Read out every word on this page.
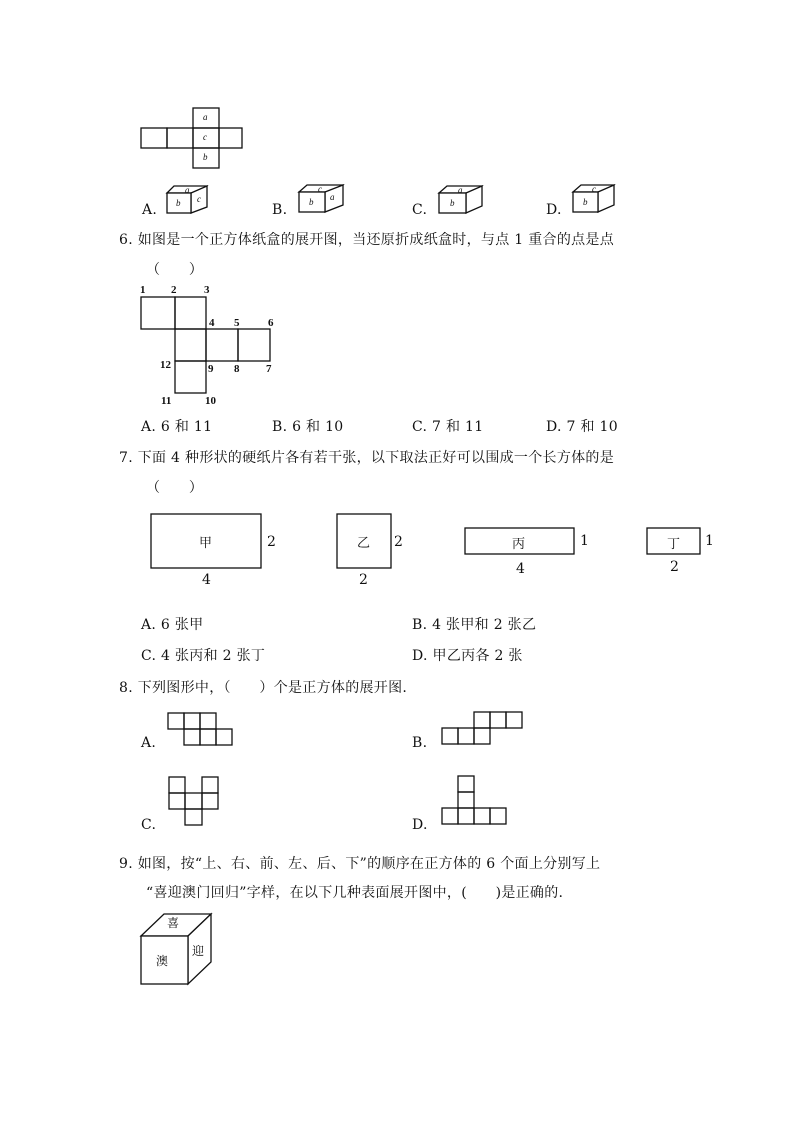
a
c
b
A. b
a
c
B. b
c
a
C.	b
a
D. b
c
6. 如图是一个正方体纸盒的展开图，当还原折成纸盒时，与点 1 重合的点是点
（　　）
1 2	3
4 5	6
7
8
9
10
11
12
A. 6 和 11	B. 6 和 10	C. 7 和 11	D. 7 和 10
7. 下面 4 种形状的硬纸片各有若干张，以下取法正好可以围成一个长方体的是
（　　）
甲	2
4
乙 2
2
丙	1
4
丁 1
2
A. 6 张甲	B. 4 张甲和 2 张乙
C. 4 张丙和 2 张丁	D. 甲乙丙各 2 张
8. 下列图形中，（　　）个是正方体的展开图.
A.	B.
C.	D.
9. 如图，按“上、右、前、左、后、下”的顺序在正方体的 6 个面上分别写上
“喜迎澳门回归”字样，在以下几种表面展开图中，(　　)是正确的.
喜
迎
澳
